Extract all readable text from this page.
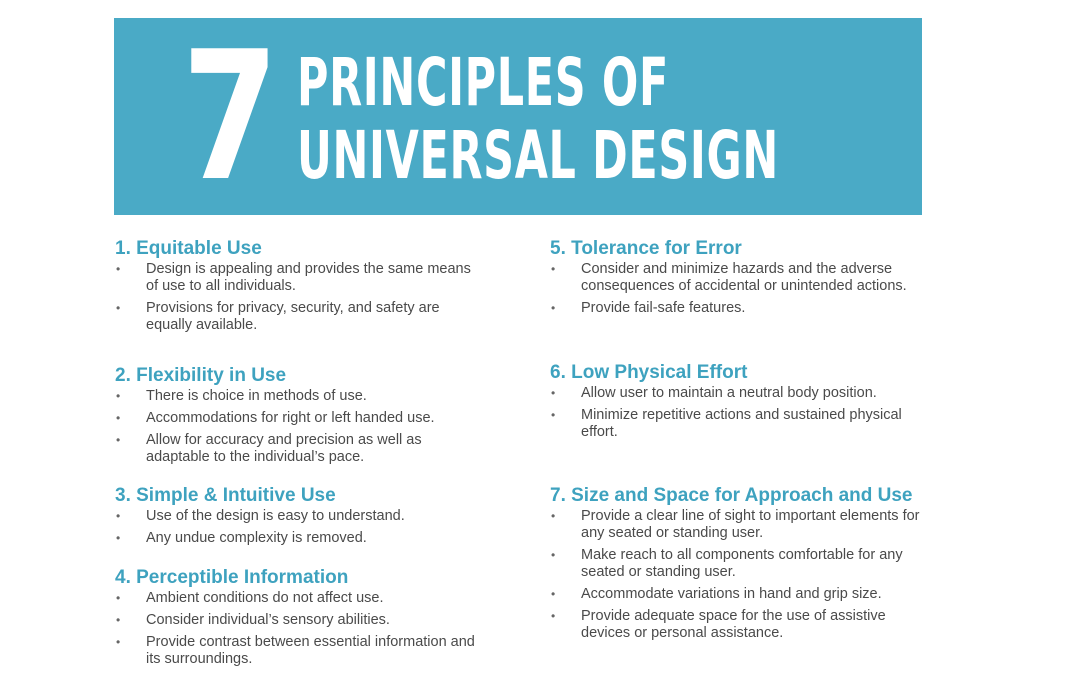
7 PRINCIPLES OF
UNIVERSAL DESIGN
1. Equitable Use
• Design is appealing and provides the same means of use to all individuals.
• Provisions for privacy, security, and safety are equally available.
2. Flexibility in Use
• There is choice in methods of use.
• Accommodations for right or left handed use.
• Allow for accuracy and precision as well as adaptable to the individual’s pace.
3. Simple & Intuitive Use
• Use of the design is easy to understand.
• Any undue complexity is removed.
4. Perceptible Information
• Ambient conditions do not affect use.
• Consider individual’s sensory abilities.
• Provide contrast between essential information and its surroundings.
5. Tolerance for Error
• Consider and minimize hazards and the adverse consequences of accidental or unintended actions.
• Provide fail-safe features.
6. Low Physical Effort
• Allow user to maintain a neutral body position.
• Minimize repetitive actions and sustained physical effort.
7. Size and Space for Approach and Use
• Provide a clear line of sight to important elements for any seated or standing user.
• Make reach to all components comfortable for any seated or standing user.
• Accommodate variations in hand and grip size.
• Provide adequate space for the use of assistive devices or personal assistance.
